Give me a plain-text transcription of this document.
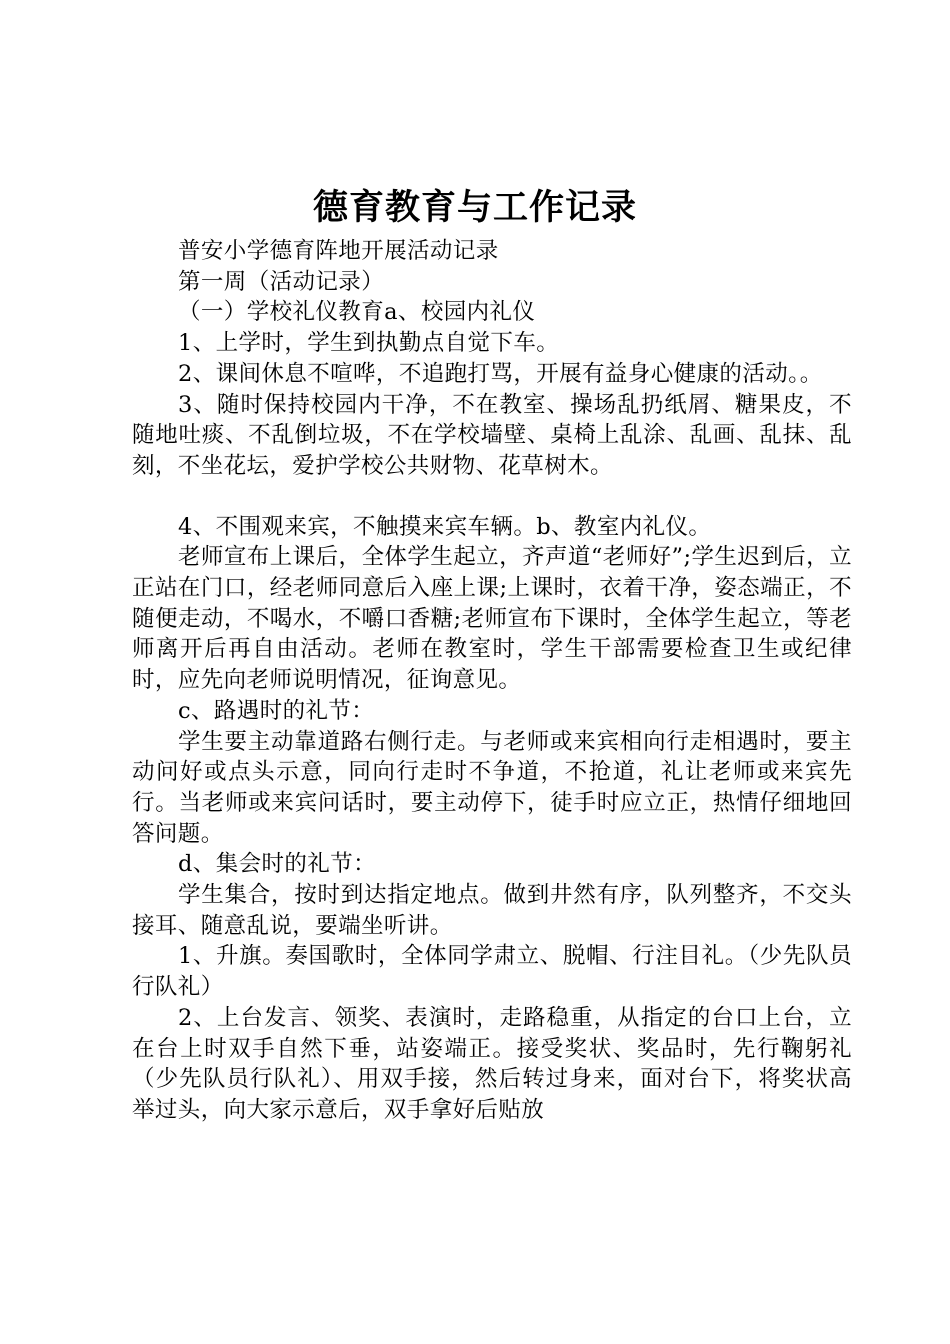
德育教育与工作记录

普安小学德育阵地开展活动记录

第一周（活动记录）

（一）学校礼仪教育a、校园内礼仪

1、上学时，学生到执勤点自觉下车。

2、课间休息不喧哗，不追跑打骂，开展有益身心健康的活动。。

3、随时保持校园内干净，不在教室、操场乱扔纸屑、糖果皮，不随地吐痰、不乱倒垃圾，不在学校墙壁、桌椅上乱涂、乱画、乱抹、乱刻，不坐花坛，爱护学校公共财物、花草树木。

4、不围观来宾，不触摸来宾车辆。b、教室内礼仪。

老师宣布上课后，全体学生起立，齐声道“老师好”;学生迟到后，立正站在门口，经老师同意后入座上课;上课时，衣着干净，姿态端正，不随便走动，不喝水，不嚼口香糖;老师宣布下课时，全体学生起立，等老师离开后再自由活动。老师在教室时，学生干部需要检查卫生或纪律时，应先向老师说明情况，征询意见。

c、路遇时的礼节：

学生要主动靠道路右侧行走。与老师或来宾相向行走相遇时，要主动问好或点头示意，同向行走时不争道，不抢道，礼让老师或来宾先行。当老师或来宾问话时，要主动停下，徒手时应立正，热情仔细地回答问题。

d、集会时的礼节：

学生集合，按时到达指定地点。做到井然有序，队列整齐，不交头接耳、随意乱说，要端坐听讲。

1、升旗。奏国歌时，全体同学肃立、脱帽、行注目礼。（少先队员行队礼）

2、上台发言、领奖、表演时，走路稳重，从指定的台口上台，立在台上时双手自然下垂，站姿端正。接受奖状、奖品时，先行鞠躬礼（少先队员行队礼）、用双手接，然后转过身来，面对台下，将奖状高举过头，向大家示意后，双手拿好后贴放
